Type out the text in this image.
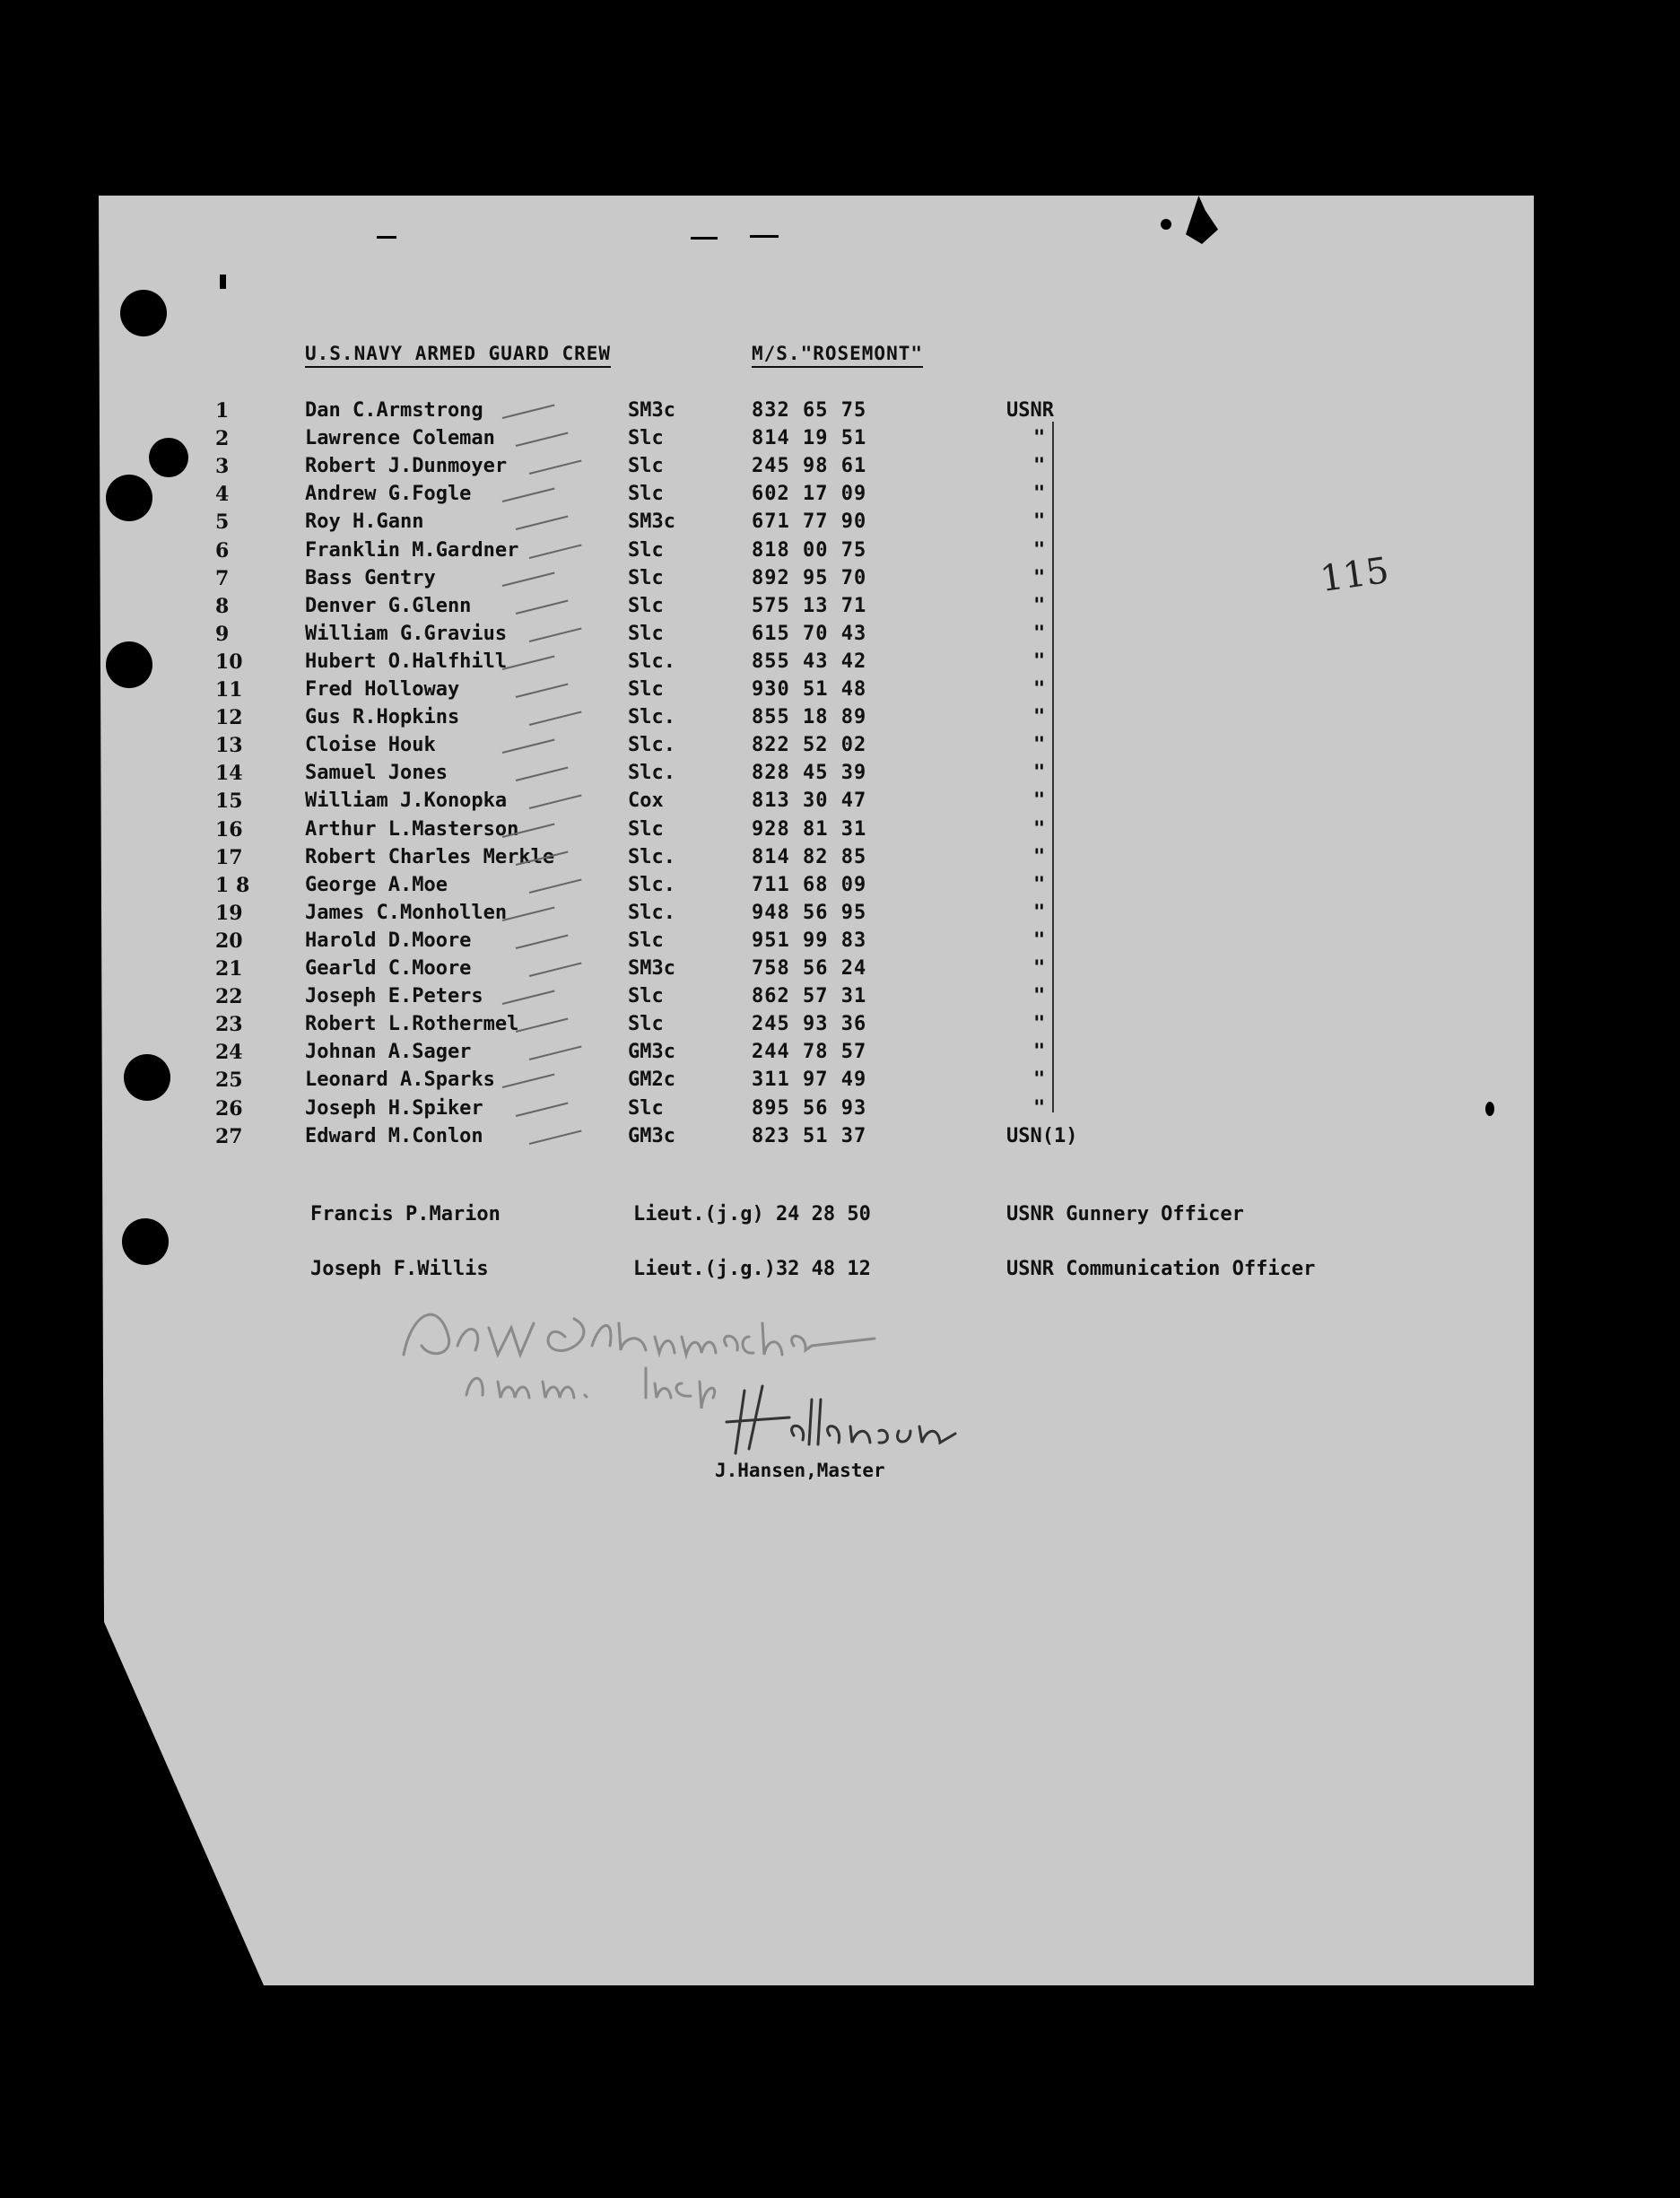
U.S.NAVY ARMED GUARD CREW	M/S."ROSEMONT"
115
1	Dan C.Armstrong	SM3c	832 65 75	USNR
2	Lawrence Coleman	Slc	814 19 51	"
3	Robert J.Dunmoyer	Slc	245 98 61	"
4	Andrew G.Fogle	Slc	602 17 09	"
5	Roy H.Gann	SM3c	671 77 90	"
6	Franklin M.Gardner	Slc	818 00 75	"
7	Bass Gentry	Slc	892 95 70	"
8	Denver G.Glenn	Slc	575 13 71	"
9	William G.Gravius	Slc	615 70 43	"
10	Hubert O.Halfhill	Slc.	855 43 42	"
11	Fred Holloway	Slc	930 51 48	"
12	Gus R.Hopkins	Slc.	855 18 89	"
13	Cloise Houk	Slc.	822 52 02	"
14	Samuel Jones	Slc.	828 45 39	"
15	William J.Konopka	Cox	813 30 47	"
16	Arthur L.Masterson	Slc	928 81 31	"
17	Robert Charles Merkle	Slc.	814 82 85	"
1 8	George A.Moe	Slc.	711 68 09	"
19	James C.Monhollen	Slc.	948 56 95	"
20	Harold D.Moore	Slc	951 99 83	"
21	Gearld C.Moore	SM3c	758 56 24	"
22	Joseph E.Peters	Slc	862 57 31	"
23	Robert L.Rothermel	Slc	245 93 36	"
24	Johnan A.Sager	GM3c	244 78 57	"
25	Leonard A.Sparks	GM2c	311 97 49	"
26	Joseph H.Spiker	Slc	895 56 93	"
27	Edward M.Conlon	GM3c	823 51 37	USN(1)
Francis P.Marion	Lieut.(j.g) 24 28 50	USNR Gunnery Officer
Joseph F.Willis	Lieut.(j.g.)32 48 12	USNR Communication Officer
J.Hansen,Master
